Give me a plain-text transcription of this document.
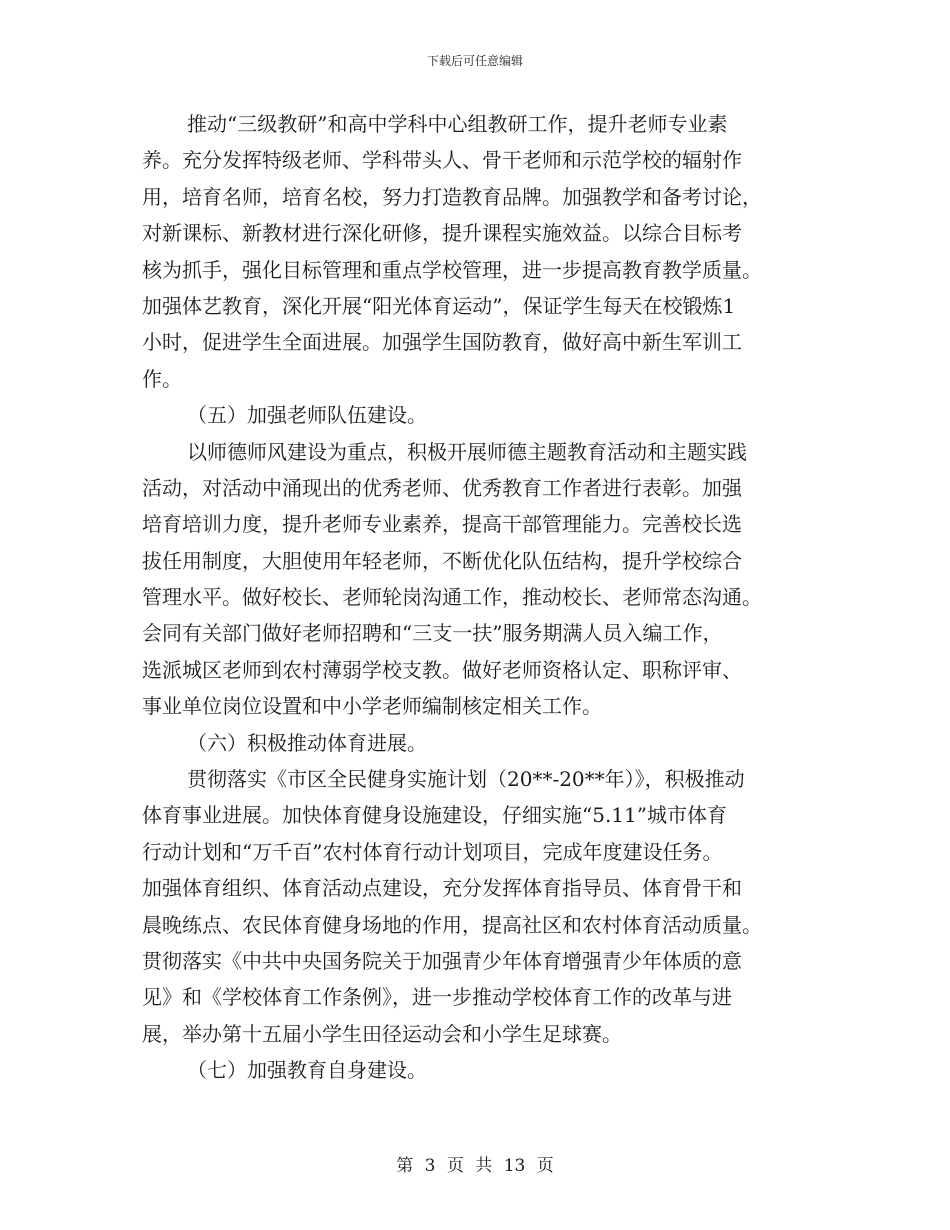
下载后可任意编辑
推动“三级教研”和高中学科中心组教研工作，提升老师专业素
养。充分发挥特级老师、学科带头人、骨干老师和示范学校的辐射作
用，培育名师，培育名校，努力打造教育品牌。加强教学和备考讨论，
对新课标、新教材进行深化研修，提升课程实施效益。以综合目标考
核为抓手，强化目标管理和重点学校管理，进一步提高教育教学质量。
加强体艺教育，深化开展“阳光体育运动”，保证学生每天在校锻炼1
小时，促进学生全面进展。加强学生国防教育，做好高中新生军训工
作。
（五）加强老师队伍建设。
以师德师风建设为重点，积极开展师德主题教育活动和主题实践
活动，对活动中涌现出的优秀老师、优秀教育工作者进行表彰。加强
培育培训力度，提升老师专业素养，提高干部管理能力。完善校长选
拔任用制度，大胆使用年轻老师，不断优化队伍结构，提升学校综合
管理水平。做好校长、老师轮岗沟通工作，推动校长、老师常态沟通。
会同有关部门做好老师招聘和“三支一扶”服务期满人员入编工作，
选派城区老师到农村薄弱学校支教。做好老师资格认定、职称评审、
事业单位岗位设置和中小学老师编制核定相关工作。
（六）积极推动体育进展。
贯彻落实《市区全民健身实施计划（20**-20**年）》，积极推动
体育事业进展。加快体育健身设施建设，仔细实施“5.11”城市体育
行动计划和“万千百”农村体育行动计划项目，完成年度建设任务。
加强体育组织、体育活动点建设，充分发挥体育指导员、体育骨干和
晨晚练点、农民体育健身场地的作用，提高社区和农村体育活动质量。
贯彻落实《中共中央国务院关于加强青少年体育增强青少年体质的意
见》和《学校体育工作条例》，进一步推动学校体育工作的改革与进
展，举办第十五届小学生田径运动会和小学生足球赛。
（七）加强教育自身建设。
第 3 页 共 13 页
